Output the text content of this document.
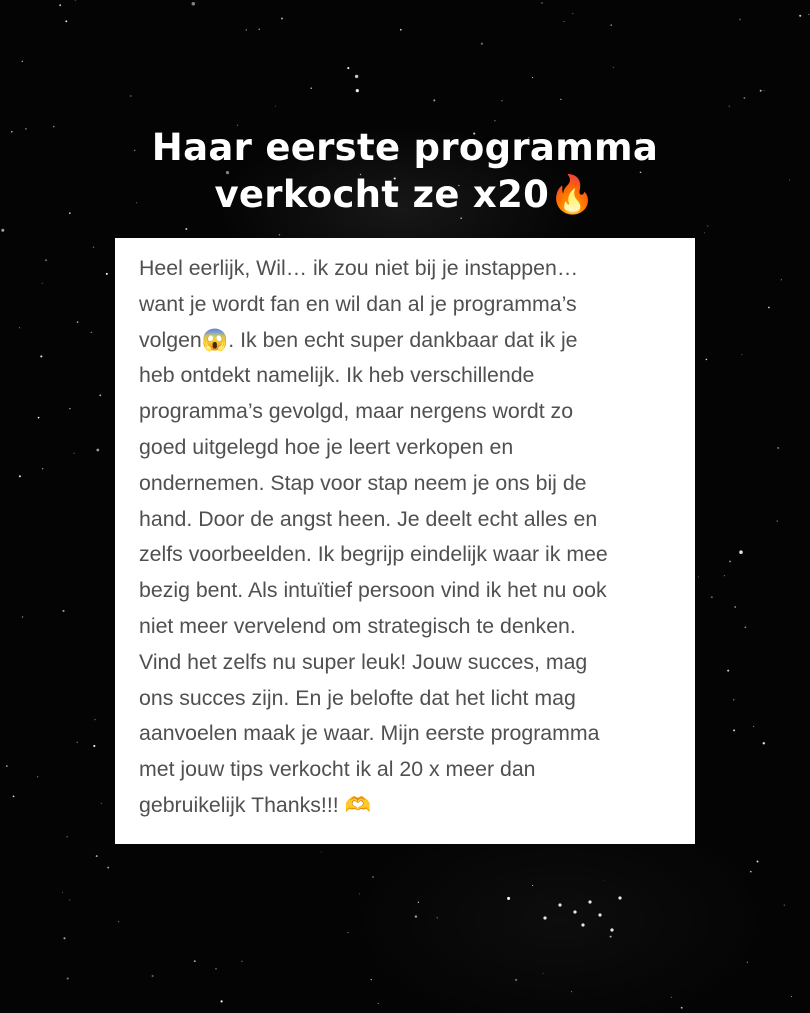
Haar eerste programma
verkocht ze x20🔥

Heel eerlijk, Wil… ik zou niet bij je instappen…
want je wordt fan en wil dan al je programma’s
volgen😱. Ik ben echt super dankbaar dat ik je
heb ontdekt namelijk. Ik heb verschillende
programma’s gevolgd, maar nergens wordt zo
goed uitgelegd hoe je leert verkopen en
ondernemen. Stap voor stap neem je ons bij de
hand. Door de angst heen. Je deelt echt alles en
zelfs voorbeelden. Ik begrijp eindelijk waar ik mee
bezig bent. Als intuïtief persoon vind ik het nu ook
niet meer vervelend om strategisch te denken.
Vind het zelfs nu super leuk! Jouw succes, mag
ons succes zijn. En je belofte dat het licht mag
aanvoelen maak je waar. Mijn eerste programma
met jouw tips verkocht ik al 20 x meer dan
gebruikelijk Thanks!!! 🫶
